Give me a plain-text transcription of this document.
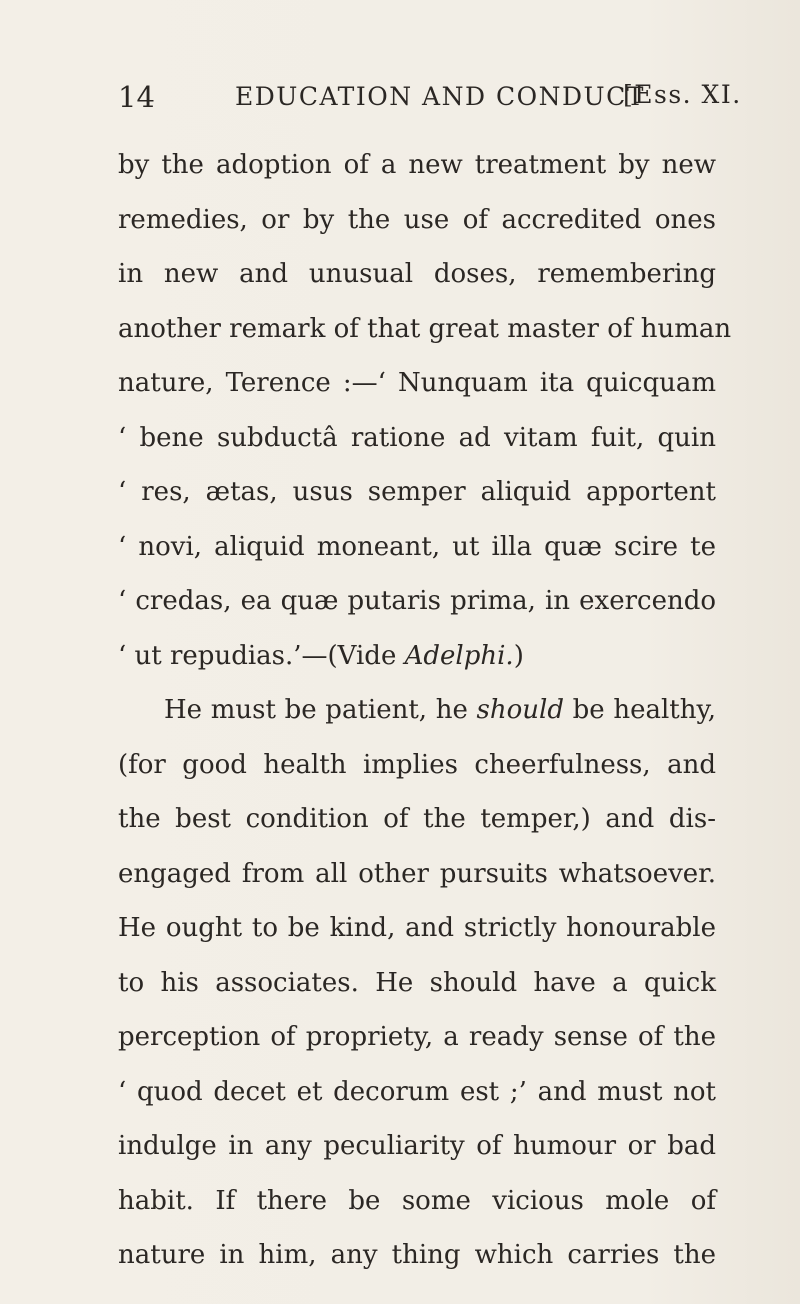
14	EDUCATION AND CONDUCT
[Ess. XI.
by the adoption of a new treatment by new
remedies, or by the use of accredited ones
in new and unusual doses, remembering
another remark of that great master of human
nature, Terence :—‘ Nunquam ita quicquam
‘ bene subductâ ratione ad vitam fuit, quin
‘ res, ætas, usus semper aliquid apportent
‘ novi, aliquid moneant, ut illa quæ scire te
‘ credas, ea quæ putaris prima, in exercendo
‘ ut repudias.’—(Vide Adelphi.)
He must be patient, he should be healthy,
(for good health implies cheerfulness, and
the best condition of the temper,) and dis-
engaged from all other pursuits whatsoever.
He ought to be kind, and strictly honourable
to his associates. He should have a quick
perception of propriety, a ready sense of the
‘ quod decet et decorum est ;’ and must not
indulge in any peculiarity of humour or bad
habit. If there be some vicious mole of
nature in him, any thing which carries the
